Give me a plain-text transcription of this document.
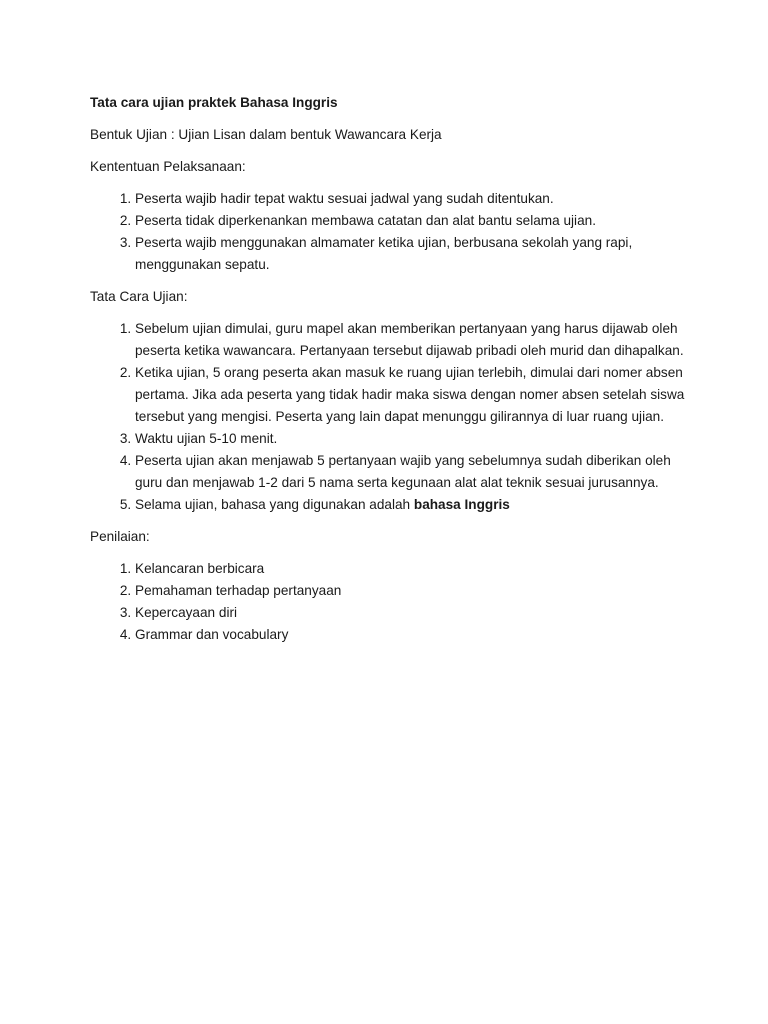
Tata cara ujian praktek Bahasa Inggris

Bentuk Ujian : Ujian Lisan dalam bentuk Wawancara Kerja

Kententuan Pelaksanaan:

1. Peserta wajib hadir tepat waktu sesuai jadwal yang sudah ditentukan.
2. Peserta tidak diperkenankan membawa catatan dan alat bantu selama ujian.
3. Peserta wajib menggunakan almamater ketika ujian, berbusana sekolah yang rapi, menggunakan sepatu.

Tata Cara Ujian:

1. Sebelum ujian dimulai, guru mapel akan memberikan pertanyaan yang harus dijawab oleh peserta ketika wawancara. Pertanyaan tersebut dijawab pribadi oleh murid dan dihapalkan.
2. Ketika ujian, 5 orang peserta akan masuk ke ruang ujian terlebih, dimulai dari nomer absen pertama. Jika ada peserta yang tidak hadir maka siswa dengan nomer absen setelah siswa tersebut yang mengisi. Peserta yang lain dapat menunggu gilirannya di luar ruang ujian.
3. Waktu ujian 5-10 menit.
4. Peserta ujian akan menjawab 5 pertanyaan wajib yang sebelumnya sudah diberikan oleh guru dan menjawab 1-2 dari 5 nama serta kegunaan alat alat teknik sesuai jurusannya.
5. Selama ujian, bahasa yang digunakan adalah bahasa Inggris

Penilaian:

1. Kelancaran berbicara
2. Pemahaman terhadap pertanyaan
3. Kepercayaan diri
4. Grammar dan vocabulary
